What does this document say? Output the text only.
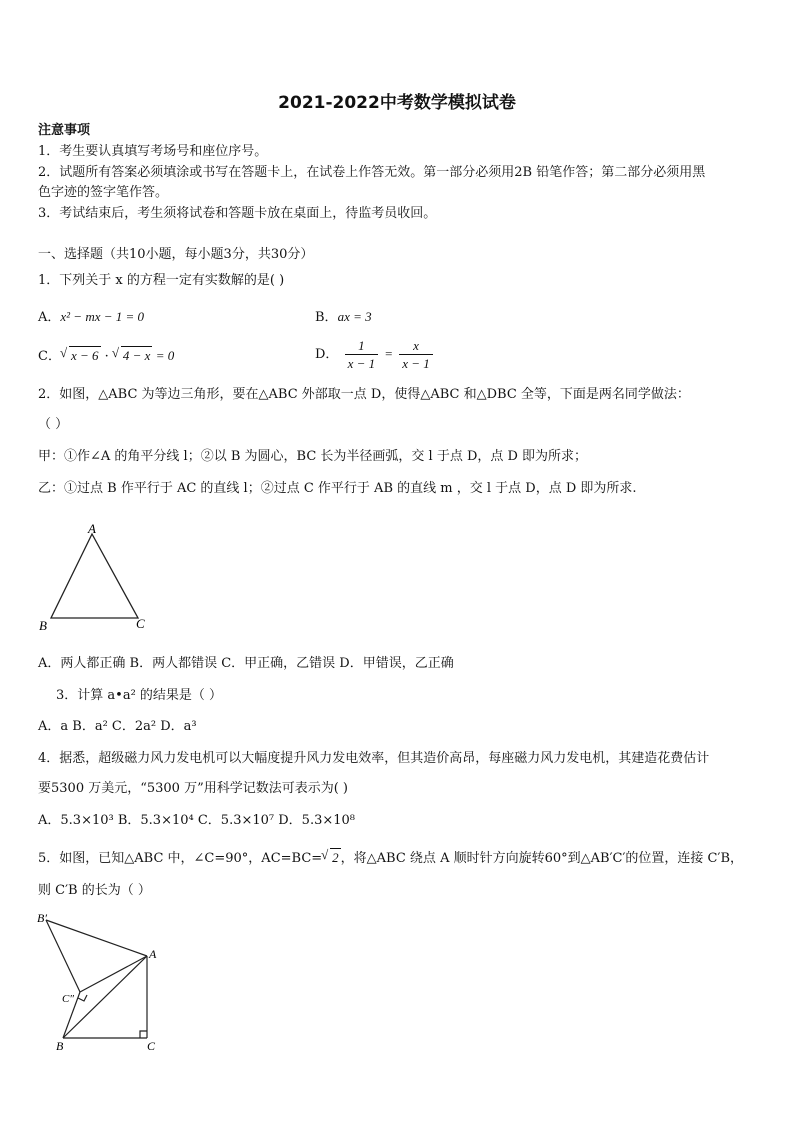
2021-2022中考数学模拟试卷
注意事项
1．考生要认真填写考场号和座位序号。
2．试题所有答案必须填涂或书写在答题卡上，在试卷上作答无效。第一部分必须用2B 铅笔作答；第二部分必须用黑
色字迹的签字笔作答。
3．考试结束后，考生须将试卷和答题卡放在桌面上，待监考员收回。
一、选择题（共10小题，每小题3分，共30分）
1．下列关于 x 的方程一定有实数解的是( )
A．x² − mx − 1 = 0	B．ax = 3
C． √ x − 6 · √ 4 − x = 0	D． $\frac{1}{x - 1} = \frac{x}{x - 1}$
2．如图，△ABC 为等边三角形，要在△ABC 外部取一点 D，使得△ABC 和△DBC 全等，下面是两名同学做法：
（ ）
甲：①作∠A 的角平分线 l；②以 B 为圆心，BC 长为半径画弧，交 l 于点 D，点 D 即为所求；
乙：①过点 B 作平行于 AC 的直线 l；②过点 C 作平行于 AB 的直线 m ，交 l 于点 D，点 D 即为所求.
A
B	C
A．两人都正确 B．两人都错误 C．甲正确，乙错误 D．甲错误，乙正确
3．计算 a•a² 的结果是（ ）
A．a B．a² C．2a² D．a³
4．据悉，超级磁力风力发电机可以大幅度提升风力发电效率，但其造价高昂，每座磁力风力发电机，其建造花费估计
要5300 万美元，“5300 万”用科学记数法可表示为( )
A．5.3×10³ B．5.3×10⁴ C．5.3×10⁷ D．5.3×10⁸
5．如图，已知△ABC 中，∠C=90°，AC=BC= √ 2 ，将△ABC 绕点 A 顺时针方向旋转60°到△AB′C′的位置，连接 C′B，
则 C′B 的长为（ ）
B′
A
C″
B	C
